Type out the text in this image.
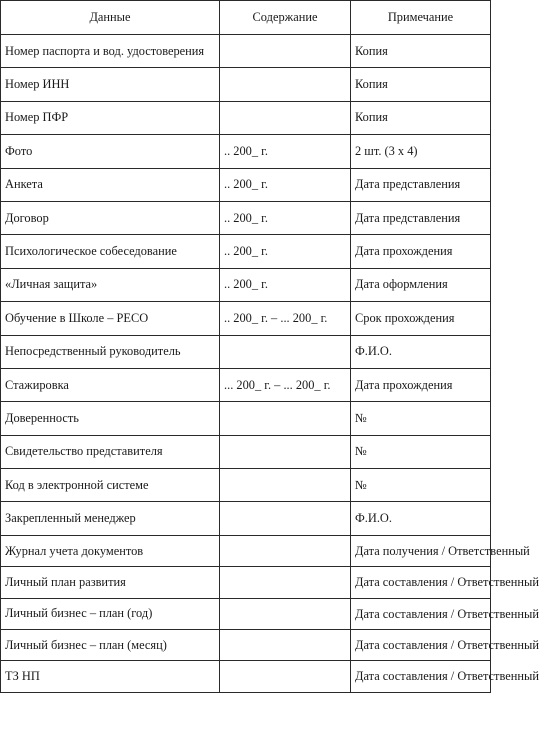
Данные	Содержание	Примечание
Номер паспорта и вод. удостоверения		Копия
Номер ИНН		Копия
Номер ПФР		Копия
Фото	.. 200_ г.	2 шт. (3 х 4)
Анкета	.. 200_ г.	Дата представления
Договор	.. 200_ г.	Дата представления
Психологическое собеседование	.. 200_ г.	Дата прохождения
«Личная защита»	.. 200_ г.	Дата оформления
Обучение в Школе – РЕСО	.. 200_ г. – ... 200_ г.	Срок прохождения
Непосредственный руководитель		Ф.И.О.
Стажировка	... 200_ г. – ... 200_ г.	Дата прохождения
Доверенность		№
Свидетельство представителя		№
Код в электронной системе		№
Закрепленный менеджер		Ф.И.О.
Журнал учета документов		Дата получения / Ответственный
Личный план развития		Дата составления / Ответственный
Личный бизнес – план (год)		Дата составления / Ответственный
Личный бизнес – план (месяц)		Дата составления / Ответственный
ТЗ НП		Дата составления / Ответственный
